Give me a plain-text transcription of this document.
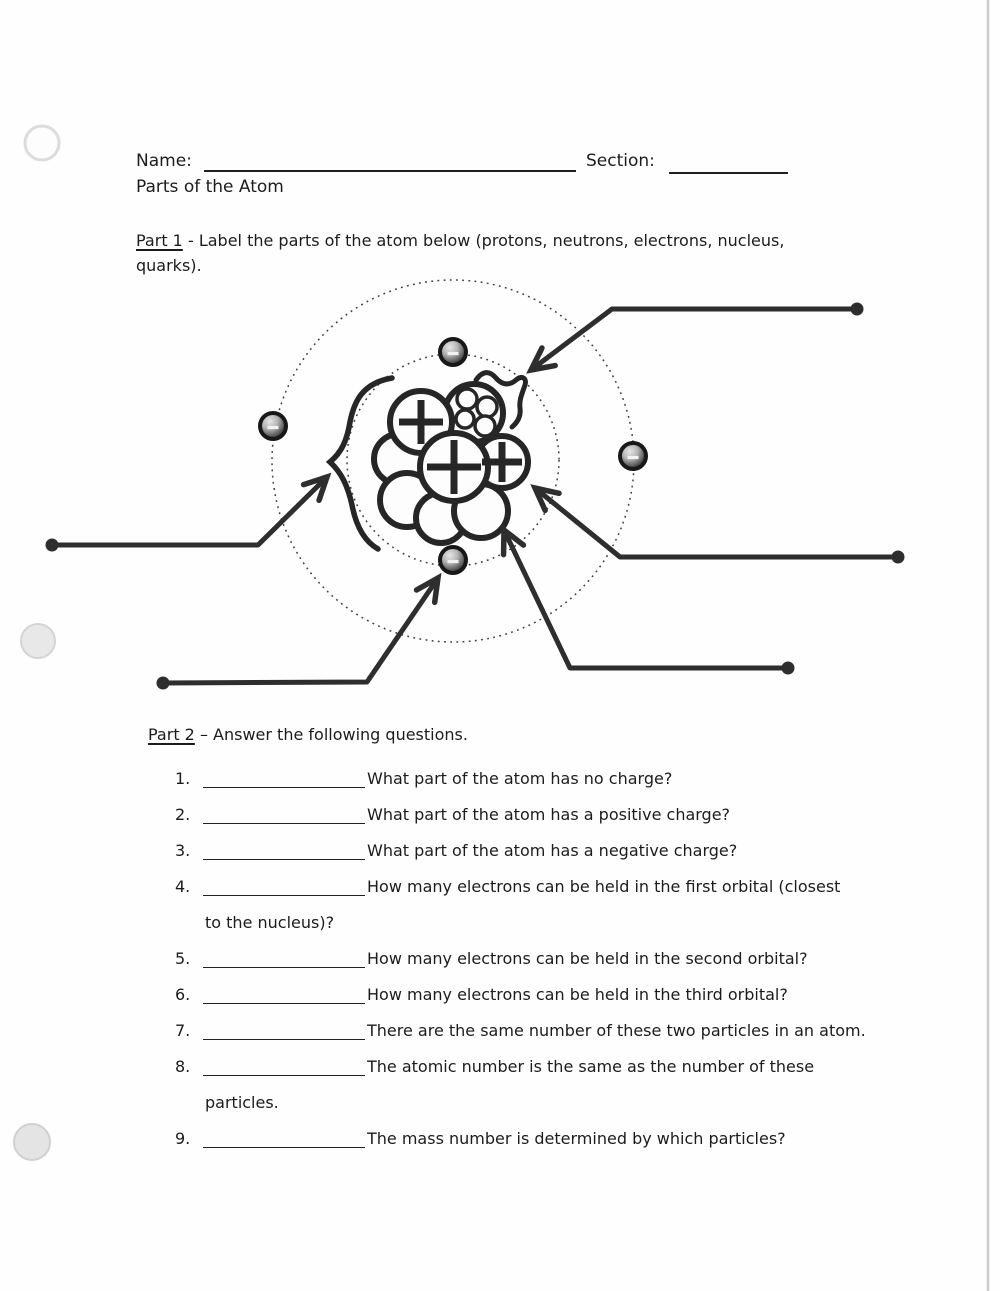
Name:	Section:
Parts of the Atom
Part 1 - Label the parts of the atom below (protons, neutrons, electrons, nucleus,
quarks).
Part 2 – Answer the following questions.
1.	What part of the atom has no charge?
2.	What part of the atom has a positive charge?
3.	What part of the atom has a negative charge?
4.	How many electrons can be held in the first orbital (closest
to the nucleus)?
5.	How many electrons can be held in the second orbital?
6.	How many electrons can be held in the third orbital?
7.	There are the same number of these two particles in an atom.
8.	The atomic number is the same as the number of these
particles.
9.	The mass number is determined by which particles?
